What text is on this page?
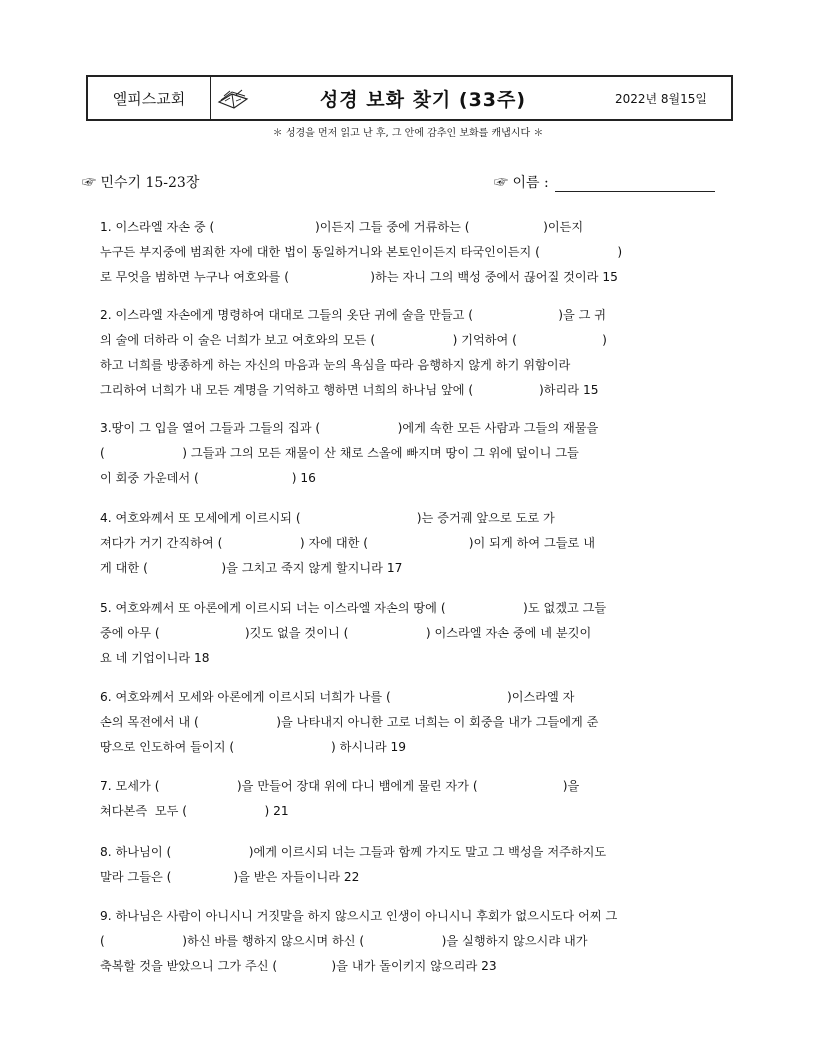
엘피스교회	성경 보화 찾기 (33주)	2022년 8월15일
＊ 성경을 먼저 읽고 난 후, 그 안에 감추인 보화를 캐냅시다 ＊
☞ 민수기 15-23장	☞ 이름 :
1. 이스라엘 자손 중 (                          )이든지 그들 중에 거류하는 (                   )이든지
누구든 부지중에 범죄한 자에 대한 법이 동일하거니와 본토인이든지 타국인이든지 (                    )
로 무엇을 범하면 누구나 여호와를 (                     )하는 자니 그의 백성 중에서 끊어질 것이라 15
2. 이스라엘 자손에게 명령하여 대대로 그들의 옷단 귀에 술을 만들고 (                      )을 그 귀
의 술에 더하라 이 술은 너희가 보고 여호와의 모든 (                    ) 기억하여 (                      )
하고 너희를 방종하게 하는 자신의 마음과 눈의 욕심을 따라 음행하지 않게 하기 위함이라
그리하여 너희가 내 모든 계명을 기억하고 행하면 너희의 하나님 앞에 (                 )하리라 15
3.땅이 그 입을 열어 그들과 그들의 집과 (                    )에게 속한 모든 사람과 그들의 재물을
(                    ) 그들과 그의 모든 재물이 산 채로 스올에 빠지며 땅이 그 위에 덮이니 그들
이 회중 가운데서 (                        ) 16
4. 여호와께서 또 모세에게 이르시되 (                              )는 증거궤 앞으로 도로 가
져다가 거기 간직하여 (                    ) 자에 대한 (                          )이 되게 하여 그들로 내
게 대한 (                   )을 그치고 죽지 않게 할지니라 17
5. 여호와께서 또 아론에게 이르시되 너는 이스라엘 자손의 땅에 (                    )도 없겠고 그들
중에 아무 (                      )깃도 없을 것이니 (                    ) 이스라엘 자손 중에 네 분깃이
요 네 기업이니라 18
6. 여호와께서 모세와 아론에게 이르시되 너희가 나를 (                              )이스라엘 자
손의 목전에서 내 (                    )을 나타내지 아니한 고로 너희는 이 회중을 내가 그들에게 준
땅으로 인도하여 들이지 (                         ) 하시니라 19
7. 모세가 (                    )을 만들어 장대 위에 다니 뱀에게 물린 자가 (                      )을
쳐다본즉  모두 (                    ) 21
8. 하나님이 (                    )에게 이르시되 너는 그들과 함께 가지도 말고 그 백성을 저주하지도
말라 그들은 (                )을 받은 자들이니라 22
9. 하나님은 사람이 아니시니 거짓말을 하지 않으시고 인생이 아니시니 후회가 없으시도다 어찌 그
(                    )하신 바를 행하지 않으시며 하신 (                    )을 실행하지 않으시랴 내가
축복할 것을 받았으니 그가 주신 (              )을 내가 돌이키지 않으리라 23
